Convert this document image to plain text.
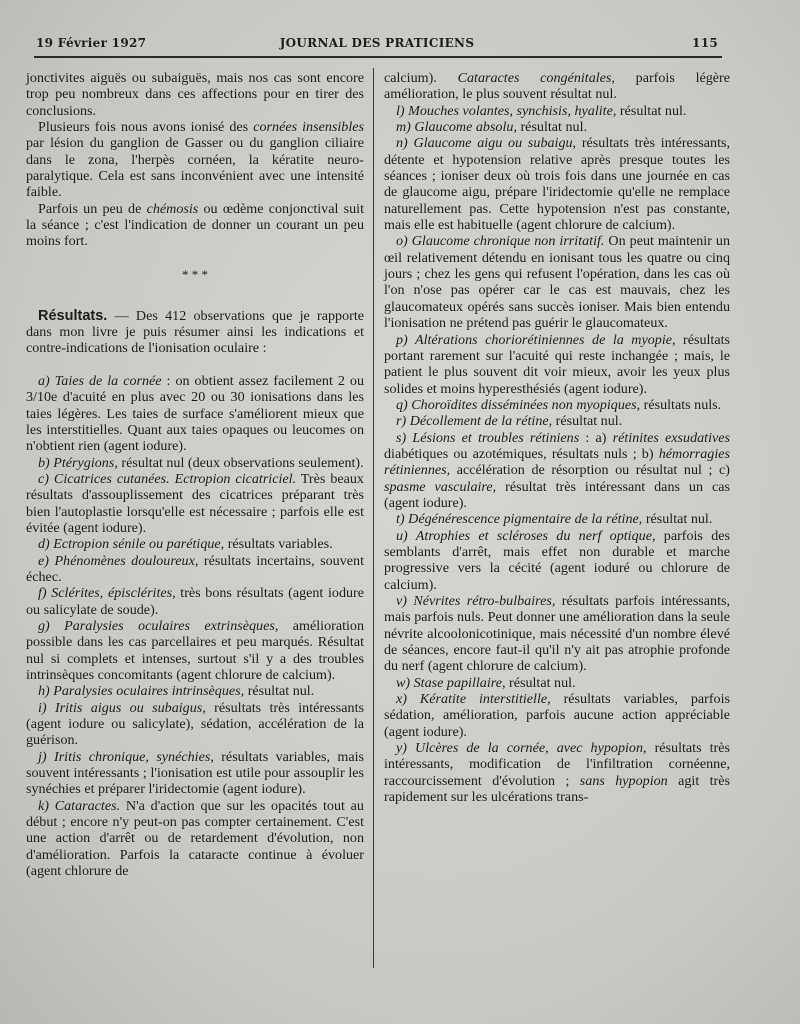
19 Février 1927	JOURNAL DES PRATICIENS	115

jonctivites aiguës ou subaiguës, mais nos cas sont encore trop peu nombreux dans ces affections pour en tirer des conclusions.

Plusieurs fois nous avons ionisé des cornées insensibles par lésion du ganglion de Gasser ou du ganglion ciliaire dans le zona, l'herpès cornéen, la kératite neuro-paralytique. Cela est sans inconvénient avec une intensité faible.

Parfois un peu de chémosis ou œdème conjonctival suit la séance ; c'est l'indication de donner un courant un peu moins fort.

* * *

Résultats. — Des 412 observations que je rapporte dans mon livre je puis résumer ainsi les indications et contre-indications de l'ionisation oculaire :

a) Taies de la cornée : on obtient assez facilement 2 ou 3/10e d'acuité en plus avec 20 ou 30 ionisations dans les taies légères. Les taies de surface s'améliorent mieux que les interstitielles. Quant aux taies opaques ou leucomes on n'obtient rien (agent iodure).

b) Ptérygions, résultat nul (deux observations seulement).

c) Cicatrices cutanées. Ectropion cicatriciel. Très beaux résultats d'assouplissement des cicatrices préparant très bien l'autoplastie lorsqu'elle est nécessaire ; parfois elle est évitée (agent iodure).

d) Ectropion sénile ou parétique, résultats variables.

e) Phénomènes douloureux, résultats incertains, souvent échec.

f) Sclérites, épisclérites, très bons résultats (agent iodure ou salicylate de soude).

g) Paralysies oculaires extrinsèques, amélioration possible dans les cas parcellaires et peu marqués. Résultat nul si complets et intenses, surtout s'il y a des troubles intrinsèques concomitants (agent chlorure de calcium).

h) Paralysies oculaires intrinsèques, résultat nul.

i) Iritis aigus ou subaigus, résultats très intéressants (agent iodure ou salicylate), sédation, accélération de la guérison.

j) Iritis chronique, synéchies, résultats variables, mais souvent intéressants ; l'ionisation est utile pour assouplir les synéchies et préparer l'iridectomie (agent iodure).

k) Cataractes. N'a d'action que sur les opacités tout au début ; encore n'y peut-on pas compter certainement. C'est une action d'arrêt ou de retardement d'évolution, non d'amélioration. Parfois la cataracte continue à évoluer (agent chlorure de

calcium). Cataractes congénitales, parfois légère amélioration, le plus souvent résultat nul.

l) Mouches volantes, synchisis, hyalite, résultat nul.

m) Glaucome absolu, résultat nul.

n) Glaucome aigu ou subaigu, résultats très intéressants, détente et hypotension relative après presque toutes les séances ; ioniser deux où trois fois dans une journée en cas de glaucome aigu, prépare l'iridectomie qu'elle ne remplace naturellement pas. Cette hypotension n'est pas constante, mais elle est habituelle (agent chlorure de calcium).

o) Glaucome chronique non irritatif. On peut maintenir un œil relativement détendu en ionisant tous les quatre ou cinq jours ; chez les gens qui refusent l'opération, dans les cas où l'on n'ose pas opérer car le cas est mauvais, chez les glaucomateux opérés sans succès ioniser. Mais bien entendu l'ionisation ne prétend pas guérir le glaucomateux.

p) Altérations choriorétiniennes de la myopie, résultats portant rarement sur l'acuité qui reste inchangée ; mais, le patient le plus souvent dit voir mieux, avoir les yeux plus solides et moins hyperesthésiés (agent iodure).

q) Choroïdites disséminées non myopiques, résultats nuls.

r) Décollement de la rétine, résultat nul.

s) Lésions et troubles rétiniens : a) rétinites exsudatives diabétiques ou azotémiques, résultats nuls ; b) hémorragies rétiniennes, accélération de résorption ou résultat nul ; c) spasme vasculaire, résultat très intéressant dans un cas (agent iodure).

t) Dégénérescence pigmentaire de la rétine, résultat nul.

u) Atrophies et scléroses du nerf optique, parfois des semblants d'arrêt, mais effet non durable et marche progressive vers la cécité (agent ioduré ou chlorure de calcium).

v) Névrites rétro-bulbaires, résultats parfois intéressants, mais parfois nuls. Peut donner une amélioration dans la seule névrite alcoolonicotinique, mais nécessité d'un nombre élevé de séances, encore faut-il qu'il n'y ait pas atrophie profonde du nerf (agent chlorure de calcium).

w) Stase papillaire, résultat nul.

x) Kératite interstitielle, résultats variables, parfois sédation, amélioration, parfois aucune action appréciable (agent iodure).

y) Ulcères de la cornée, avec hypopion, résultats très intéressants, modification de l'infiltration cornéenne, raccourcissement d'évolution ; sans hypopion agit très rapidement sur les ulcérations trans-
